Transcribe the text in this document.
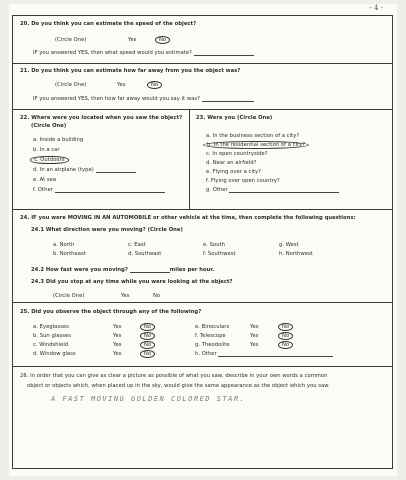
- 4 -
20. Do you think you can estimate the speed of the object?
(Circle One)	Yes	No
IF you answered YES, then what speed would you estimate?
21. Do you think you can estimate how far away from you the object was?
(Circle One)	Yes	No
IF you answered YES, then how far away would you say it was?
22. Where were you located when you saw the object?
(Circle One)
a. Inside a building
b. In a car
c. Outdoors
d. In an airplane (type)
e. At sea
f. Other
23. Were you (Circle One)
a. In the business section of a city?
b. In the residential section of a city?
c. In open countryside?
d. Near an airfield?
e. Flying over a city?
f. Flying over open country?
g. Other
24. IF you were MOVING IN AN AUTOMOBILE or other vehicle at the time, then complete the following questions:
24.1 What direction were you moving? (Circle One)
a. North
b. Northeast
c. East
d. Southeast
e. South
f. Southwest
g. West
h. Northwest
24.2 How fast were you moving?	miles per hour.
24.3 Did you stop at any time while you were looking at the object?
(Circle One)	Yes	No
25. Did you observe the object through any of the following?
a. Eyeglasses	Yes	No
b. Sun glasses	Yes	No
c. Windshield	Yes	No
d. Window glass	Yes	No
e. Binoculars	Yes	No
f. Telescope	Yes	No
g. Theodolite	Yes	No
h. Other
26. In order that you can give as clear a picture as possible of what you saw, describe in your own words a common
object or objects which, when placed up in the sky, would give the same appearance as the object which you saw.
A FAST MOVING GOLDEN COLORED STAR.
